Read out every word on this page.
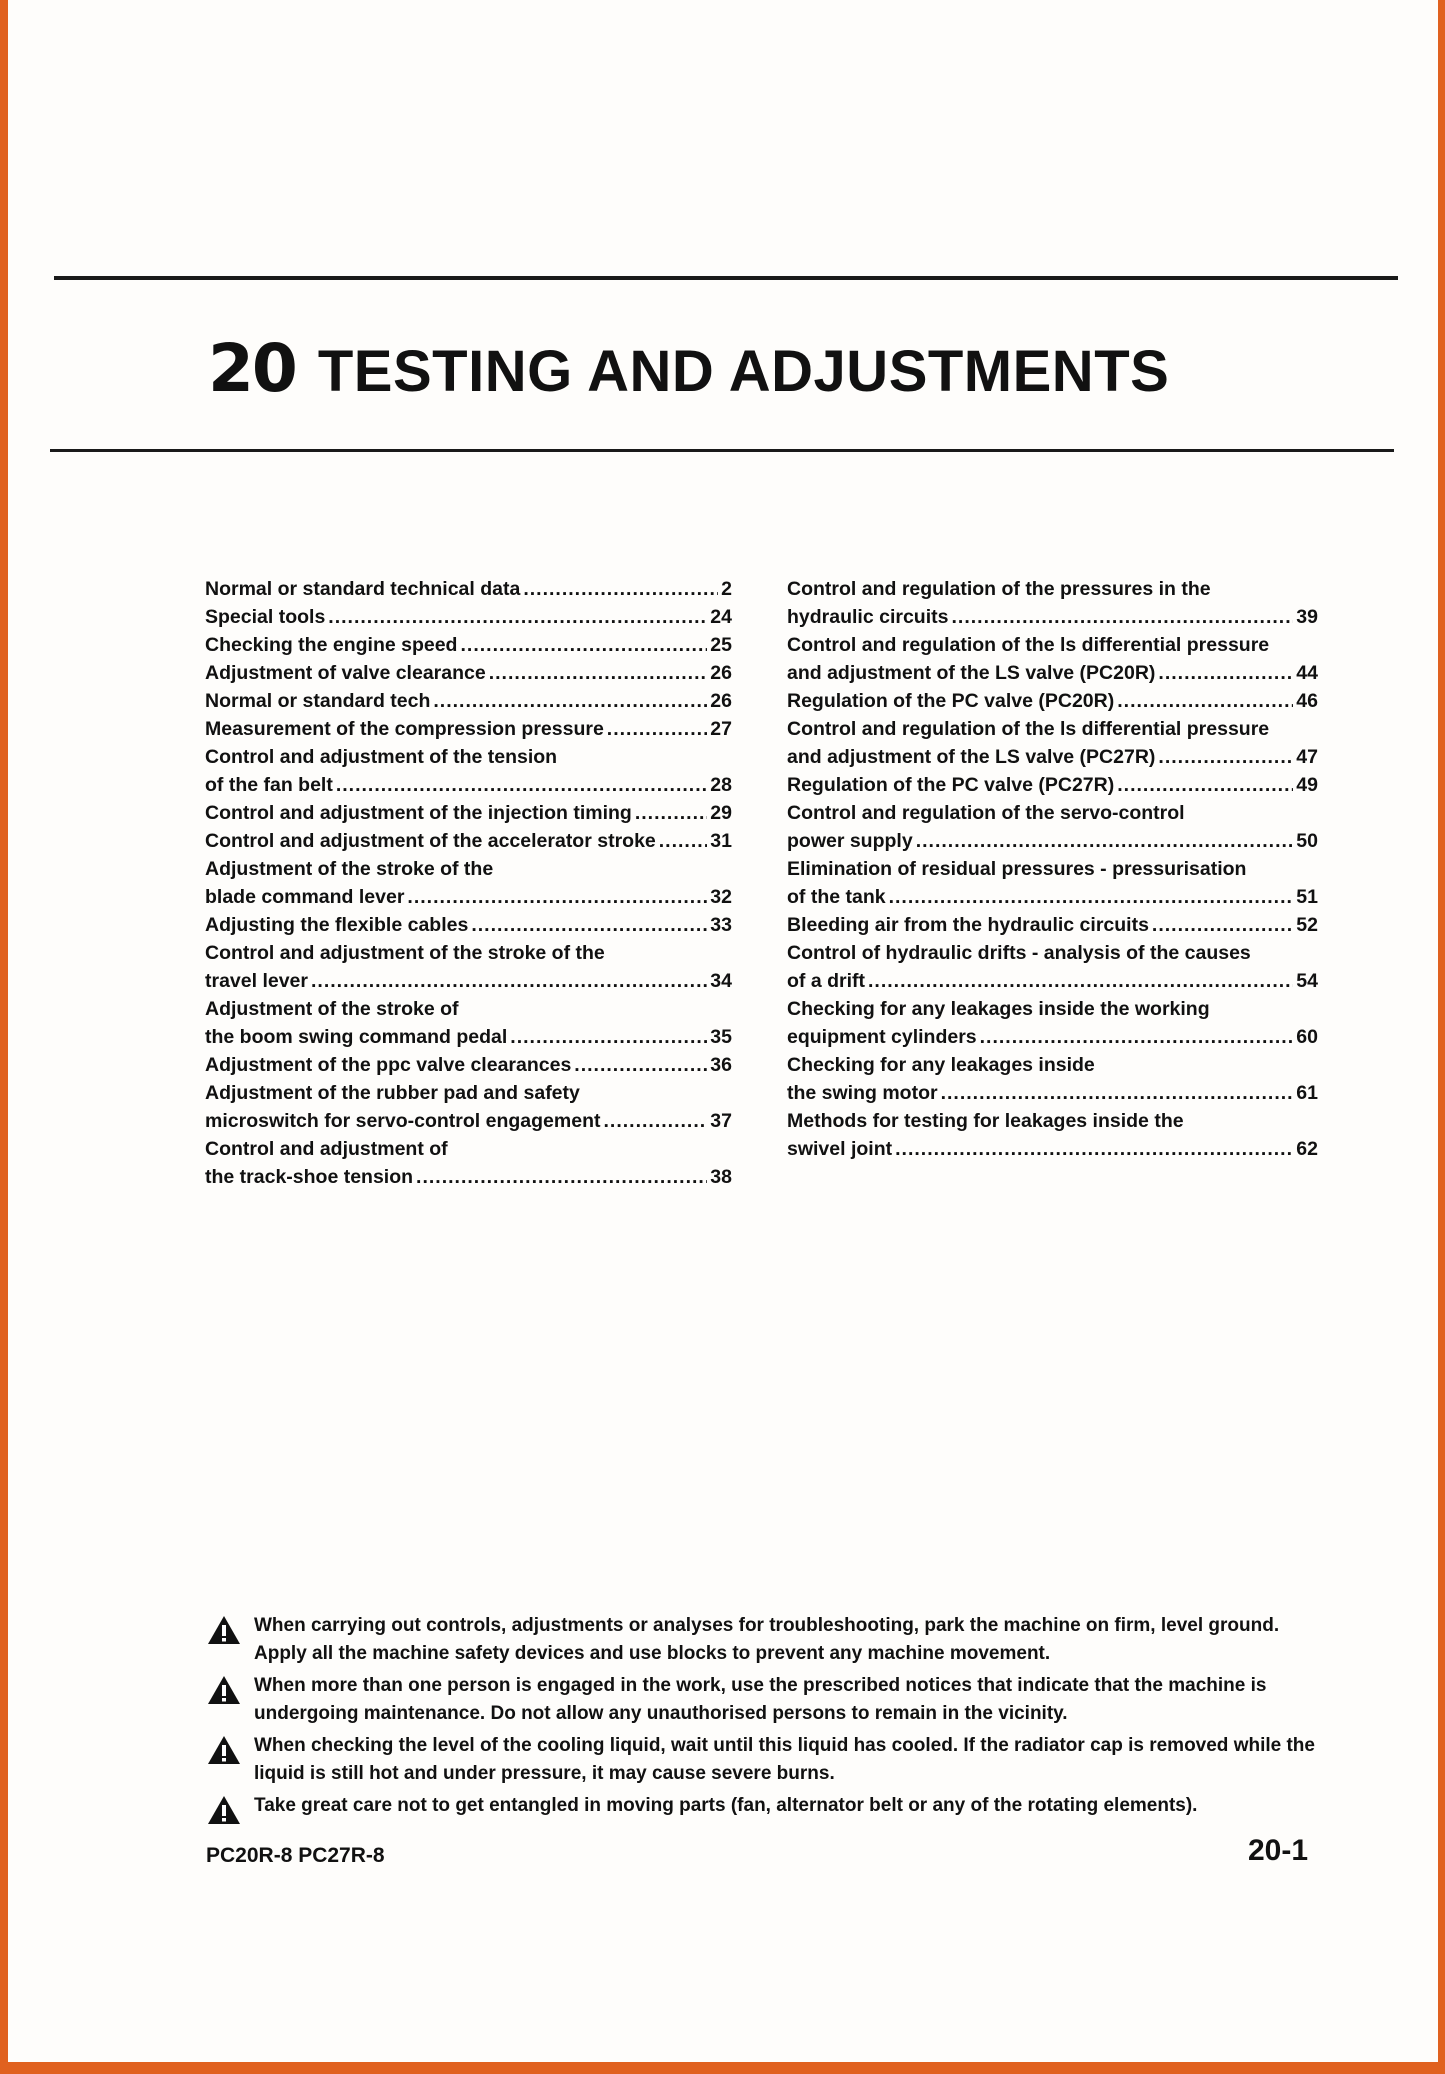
20 TESTING AND ADJUSTMENTS
Normal or standard technical data .....	2
Special tools .....	24
Checking the engine speed .....	25
Adjustment of valve clearance .....	26
Normal or standard tech .....	26
Measurement of the compression pressure .....	27
Control and adjustment of the tension
of the fan belt .....	28
Control and adjustment of the injection timing .....	29
Control and adjustment of the accelerator stroke .....	31
Adjustment of the stroke of the
blade command lever .....	32
Adjusting the flexible cables .....	33
Control and adjustment of the stroke of the
travel lever .....	34
Adjustment of the stroke of
the boom swing command pedal .....	35
Adjustment of the ppc valve clearances .....	36
Adjustment of the rubber pad and safety
microswitch for servo-control engagement .....	37
Control and adjustment of
the track-shoe tension .....	38
Control and regulation of the pressures in the
hydraulic circuits .....	39
Control and regulation of the ls differential pressure
and adjustment of the LS valve (PC20R) .....	44
Regulation of the PC valve (PC20R) .....	46
Control and regulation of the ls differential pressure
and adjustment of the LS valve (PC27R) .....	47
Regulation of the PC valve (PC27R) .....	49
Control and regulation of the servo-control
power supply .....	50
Elimination of residual pressures - pressurisation
of the tank .....	51
Bleeding air from the hydraulic circuits .....	52
Control of hydraulic drifts - analysis of the causes
of a drift .....	54
Checking for any leakages inside the working
equipment cylinders .....	60
Checking for any leakages inside
the swing motor .....	61
Methods for testing for leakages inside the
swivel joint .....	62
When carrying out controls, adjustments or analyses for troubleshooting, park the machine on firm, level ground. Apply all the machine safety devices and use blocks to prevent any machine movement.
When more than one person is engaged in the work, use the prescribed notices that indicate that the machine is undergoing maintenance. Do not allow any unauthorised persons to remain in the vicinity.
When checking the level of the cooling liquid, wait until this liquid has cooled. If the radiator cap is removed while the liquid is still hot and under pressure, it may cause severe burns.
Take great care not to get entangled in moving parts (fan, alternator belt or any of the rotating elements).
PC20R-8 PC27R-8	20-1
